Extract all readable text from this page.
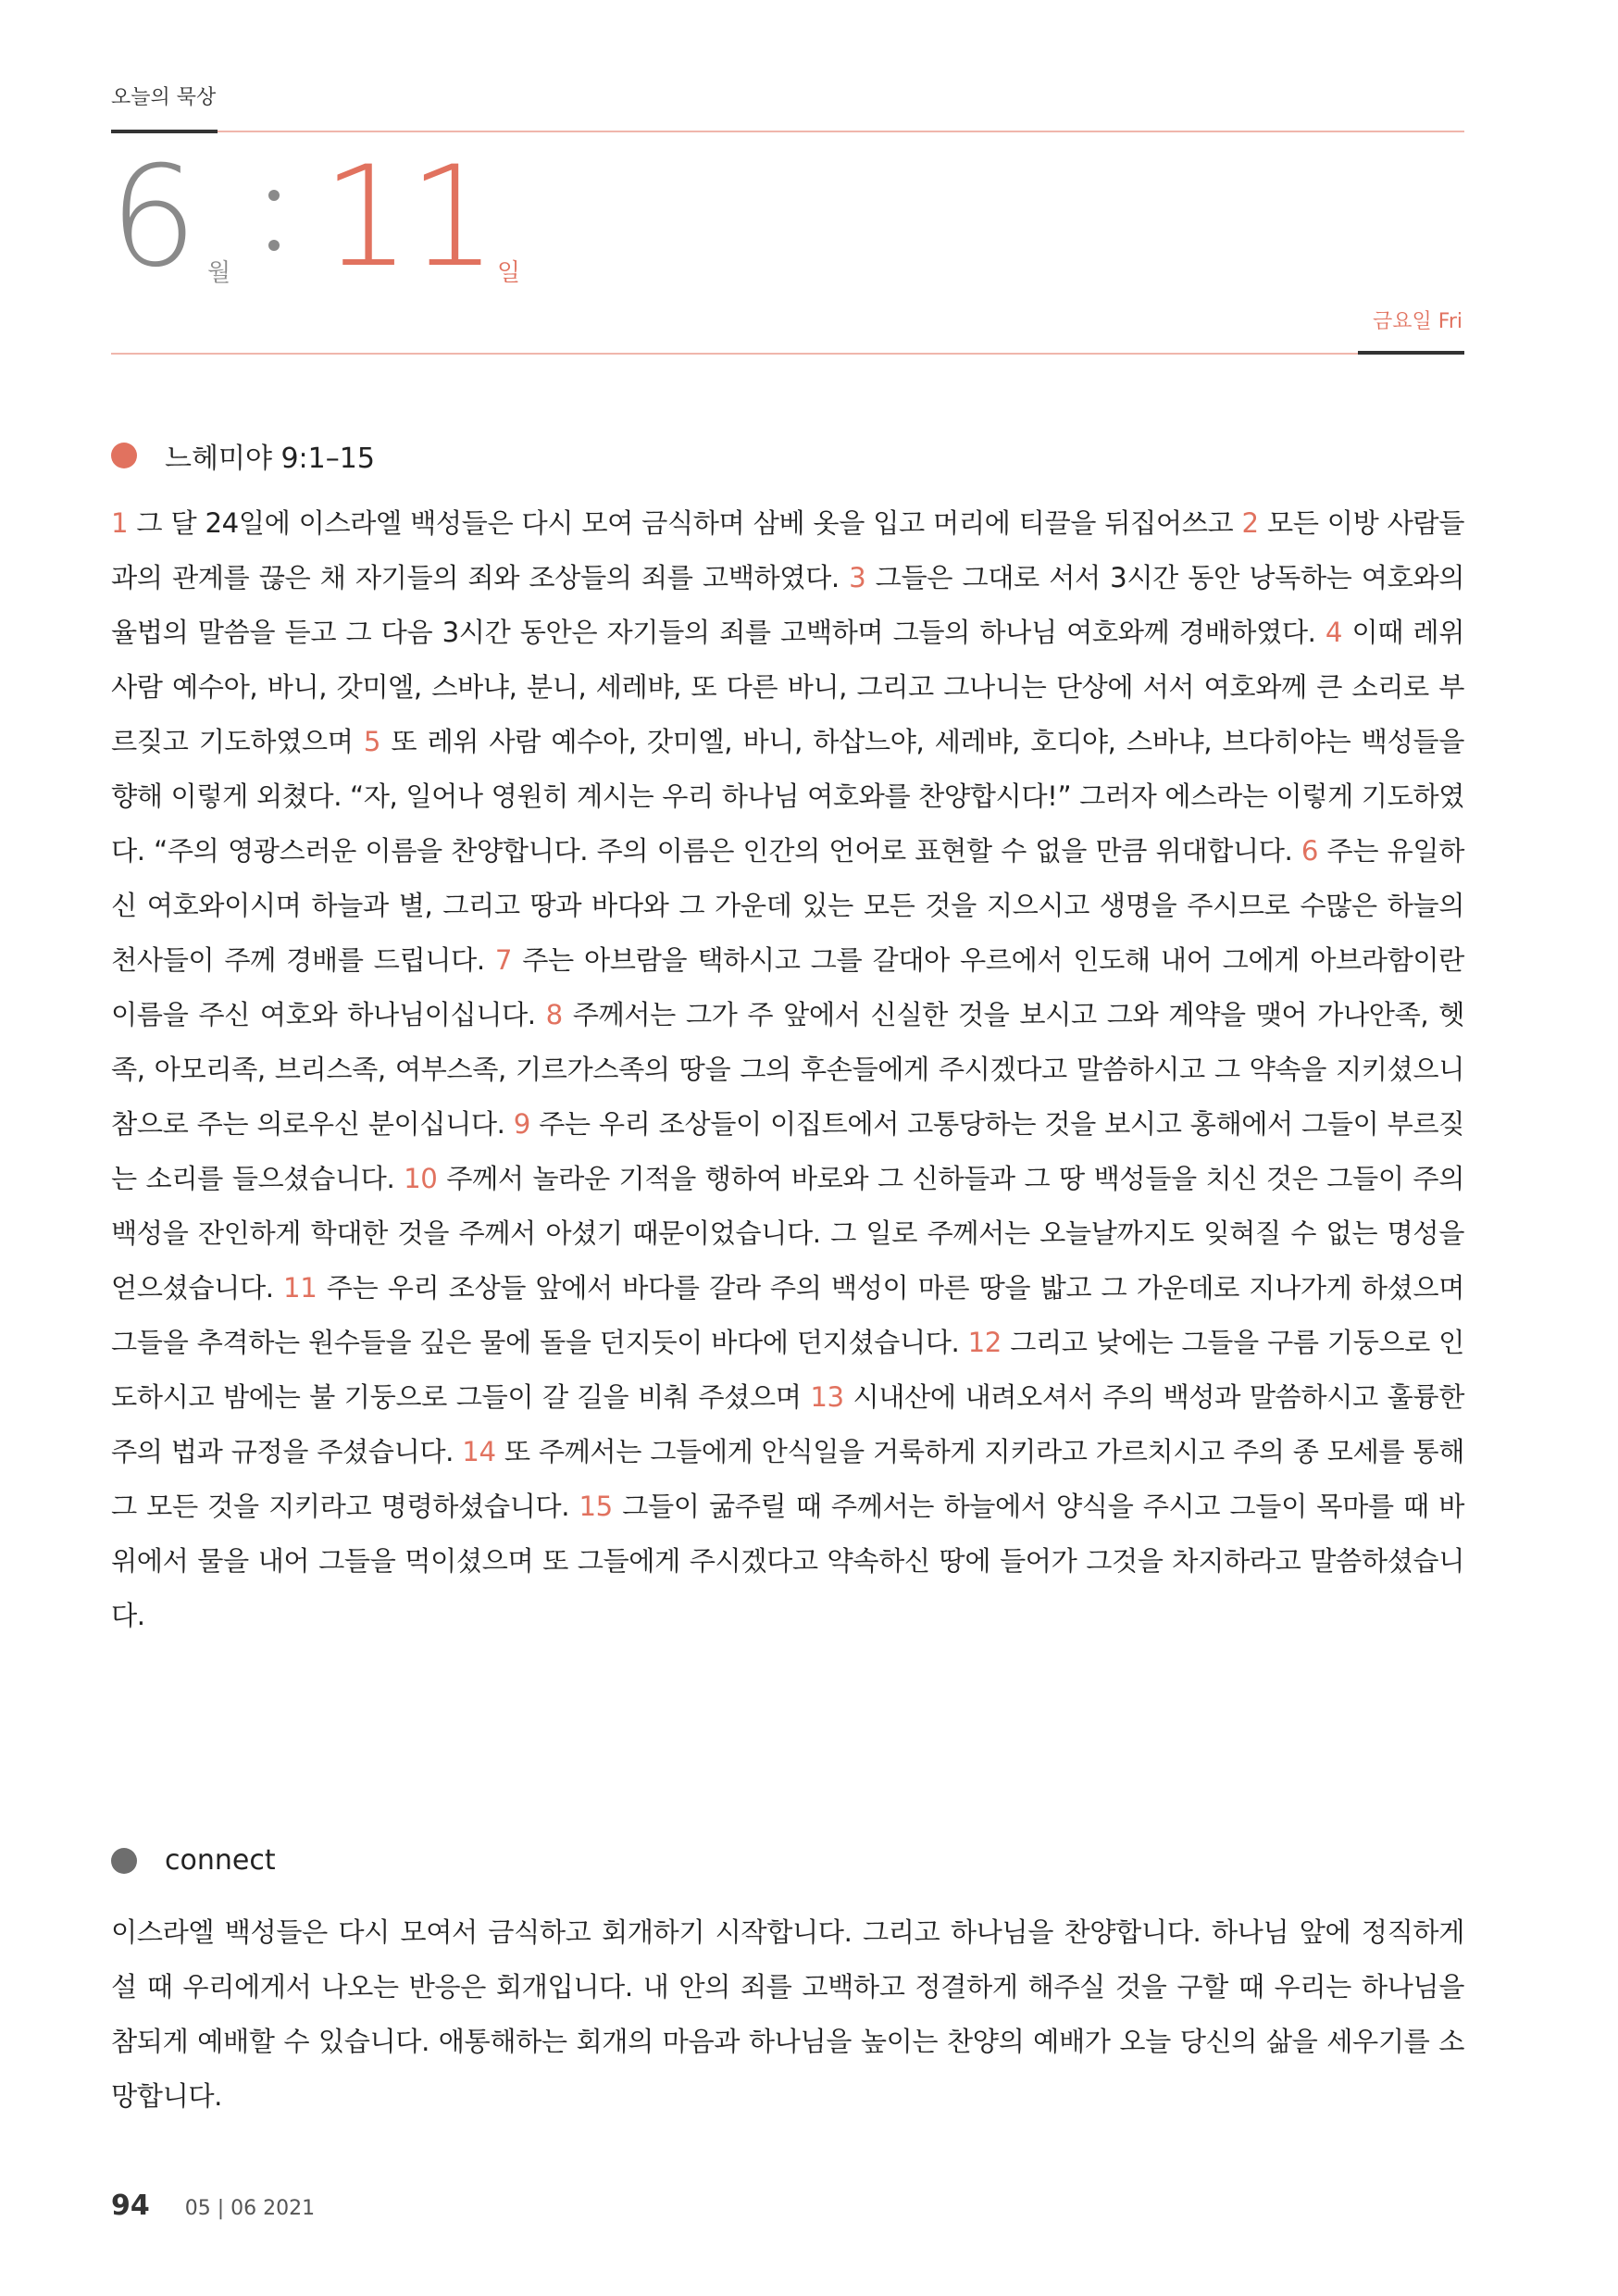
오늘의 묵상
6 월 11 일
금요일 Fri
느헤미야 9:1–15
1 그 달 24일에 이스라엘 백성들은 다시 모여 금식하며 삼베 옷을 입고 머리에 티끌을 뒤집어쓰고 2 모든 이방 사람들과의 관계를 끊은 채 자기들의 죄와 조상들의 죄를 고백하였다. 3 그들은 그대로 서서 3시간 동안 낭독하는 여호와의 율법의 말씀을 듣고 그 다음 3시간 동안은 자기들의 죄를 고백하며 그들의 하나님 여호와께 경배하였다. 4 이때 레위 사람 예수아, 바니, 갓미엘, 스바냐, 분니, 세레뱌, 또 다른 바니, 그리고 그나니는 단상에 서서 여호와께 큰 소리로 부르짖고 기도하였으며 5 또 레위 사람 예수아, 갓미엘, 바니, 하삽느야, 세레뱌, 호디야, 스바냐, 브다히야는 백성들을 향해 이렇게 외쳤다. “자, 일어나 영원히 계시는 우리 하나님 여호와를 찬양합시다!” 그러자 에스라는 이렇게 기도하였다. “주의 영광스러운 이름을 찬양합니다. 주의 이름은 인간의 언어로 표현할 수 없을 만큼 위대합니다. 6 주는 유일하신 여호와이시며 하늘과 별, 그리고 땅과 바다와 그 가운데 있는 모든 것을 지으시고 생명을 주시므로 수많은 하늘의 천사들이 주께 경배를 드립니다. 7 주는 아브람을 택하시고 그를 갈대아 우르에서 인도해 내어 그에게 아브라함이란 이름을 주신 여호와 하나님이십니다. 8 주께서는 그가 주 앞에서 신실한 것을 보시고 그와 계약을 맺어 가나안족, 헷족, 아모리족, 브리스족, 여부스족, 기르가스족의 땅을 그의 후손들에게 주시겠다고 말씀하시고 그 약속을 지키셨으니 참으로 주는 의로우신 분이십니다. 9 주는 우리 조상들이 이집트에서 고통당하는 것을 보시고 홍해에서 그들이 부르짖는 소리를 들으셨습니다. 10 주께서 놀라운 기적을 행하여 바로와 그 신하들과 그 땅 백성들을 치신 것은 그들이 주의 백성을 잔인하게 학대한 것을 주께서 아셨기 때문이었습니다. 그 일로 주께서는 오늘날까지도 잊혀질 수 없는 명성을 얻으셨습니다. 11 주는 우리 조상들 앞에서 바다를 갈라 주의 백성이 마른 땅을 밟고 그 가운데로 지나가게 하셨으며 그들을 추격하는 원수들을 깊은 물에 돌을 던지듯이 바다에 던지셨습니다. 12 그리고 낮에는 그들을 구름 기둥으로 인도하시고 밤에는 불 기둥으로 그들이 갈 길을 비춰 주셨으며 13 시내산에 내려오셔서 주의 백성과 말씀하시고 훌륭한 주의 법과 규정을 주셨습니다. 14 또 주께서는 그들에게 안식일을 거룩하게 지키라고 가르치시고 주의 종 모세를 통해 그 모든 것을 지키라고 명령하셨습니다. 15 그들이 굶주릴 때 주께서는 하늘에서 양식을 주시고 그들이 목마를 때 바위에서 물을 내어 그들을 먹이셨으며 또 그들에게 주시겠다고 약속하신 땅에 들어가 그것을 차지하라고 말씀하셨습니다.
connect
이스라엘 백성들은 다시 모여서 금식하고 회개하기 시작합니다. 그리고 하나님을 찬양합니다. 하나님 앞에 정직하게 설 때 우리에게서 나오는 반응은 회개입니다. 내 안의 죄를 고백하고 정결하게 해주실 것을 구할 때 우리는 하나님을 참되게 예배할 수 있습니다. 애통해하는 회개의 마음과 하나님을 높이는 찬양의 예배가 오늘 당신의 삶을 세우기를 소망합니다.
94 05 | 06 2021
